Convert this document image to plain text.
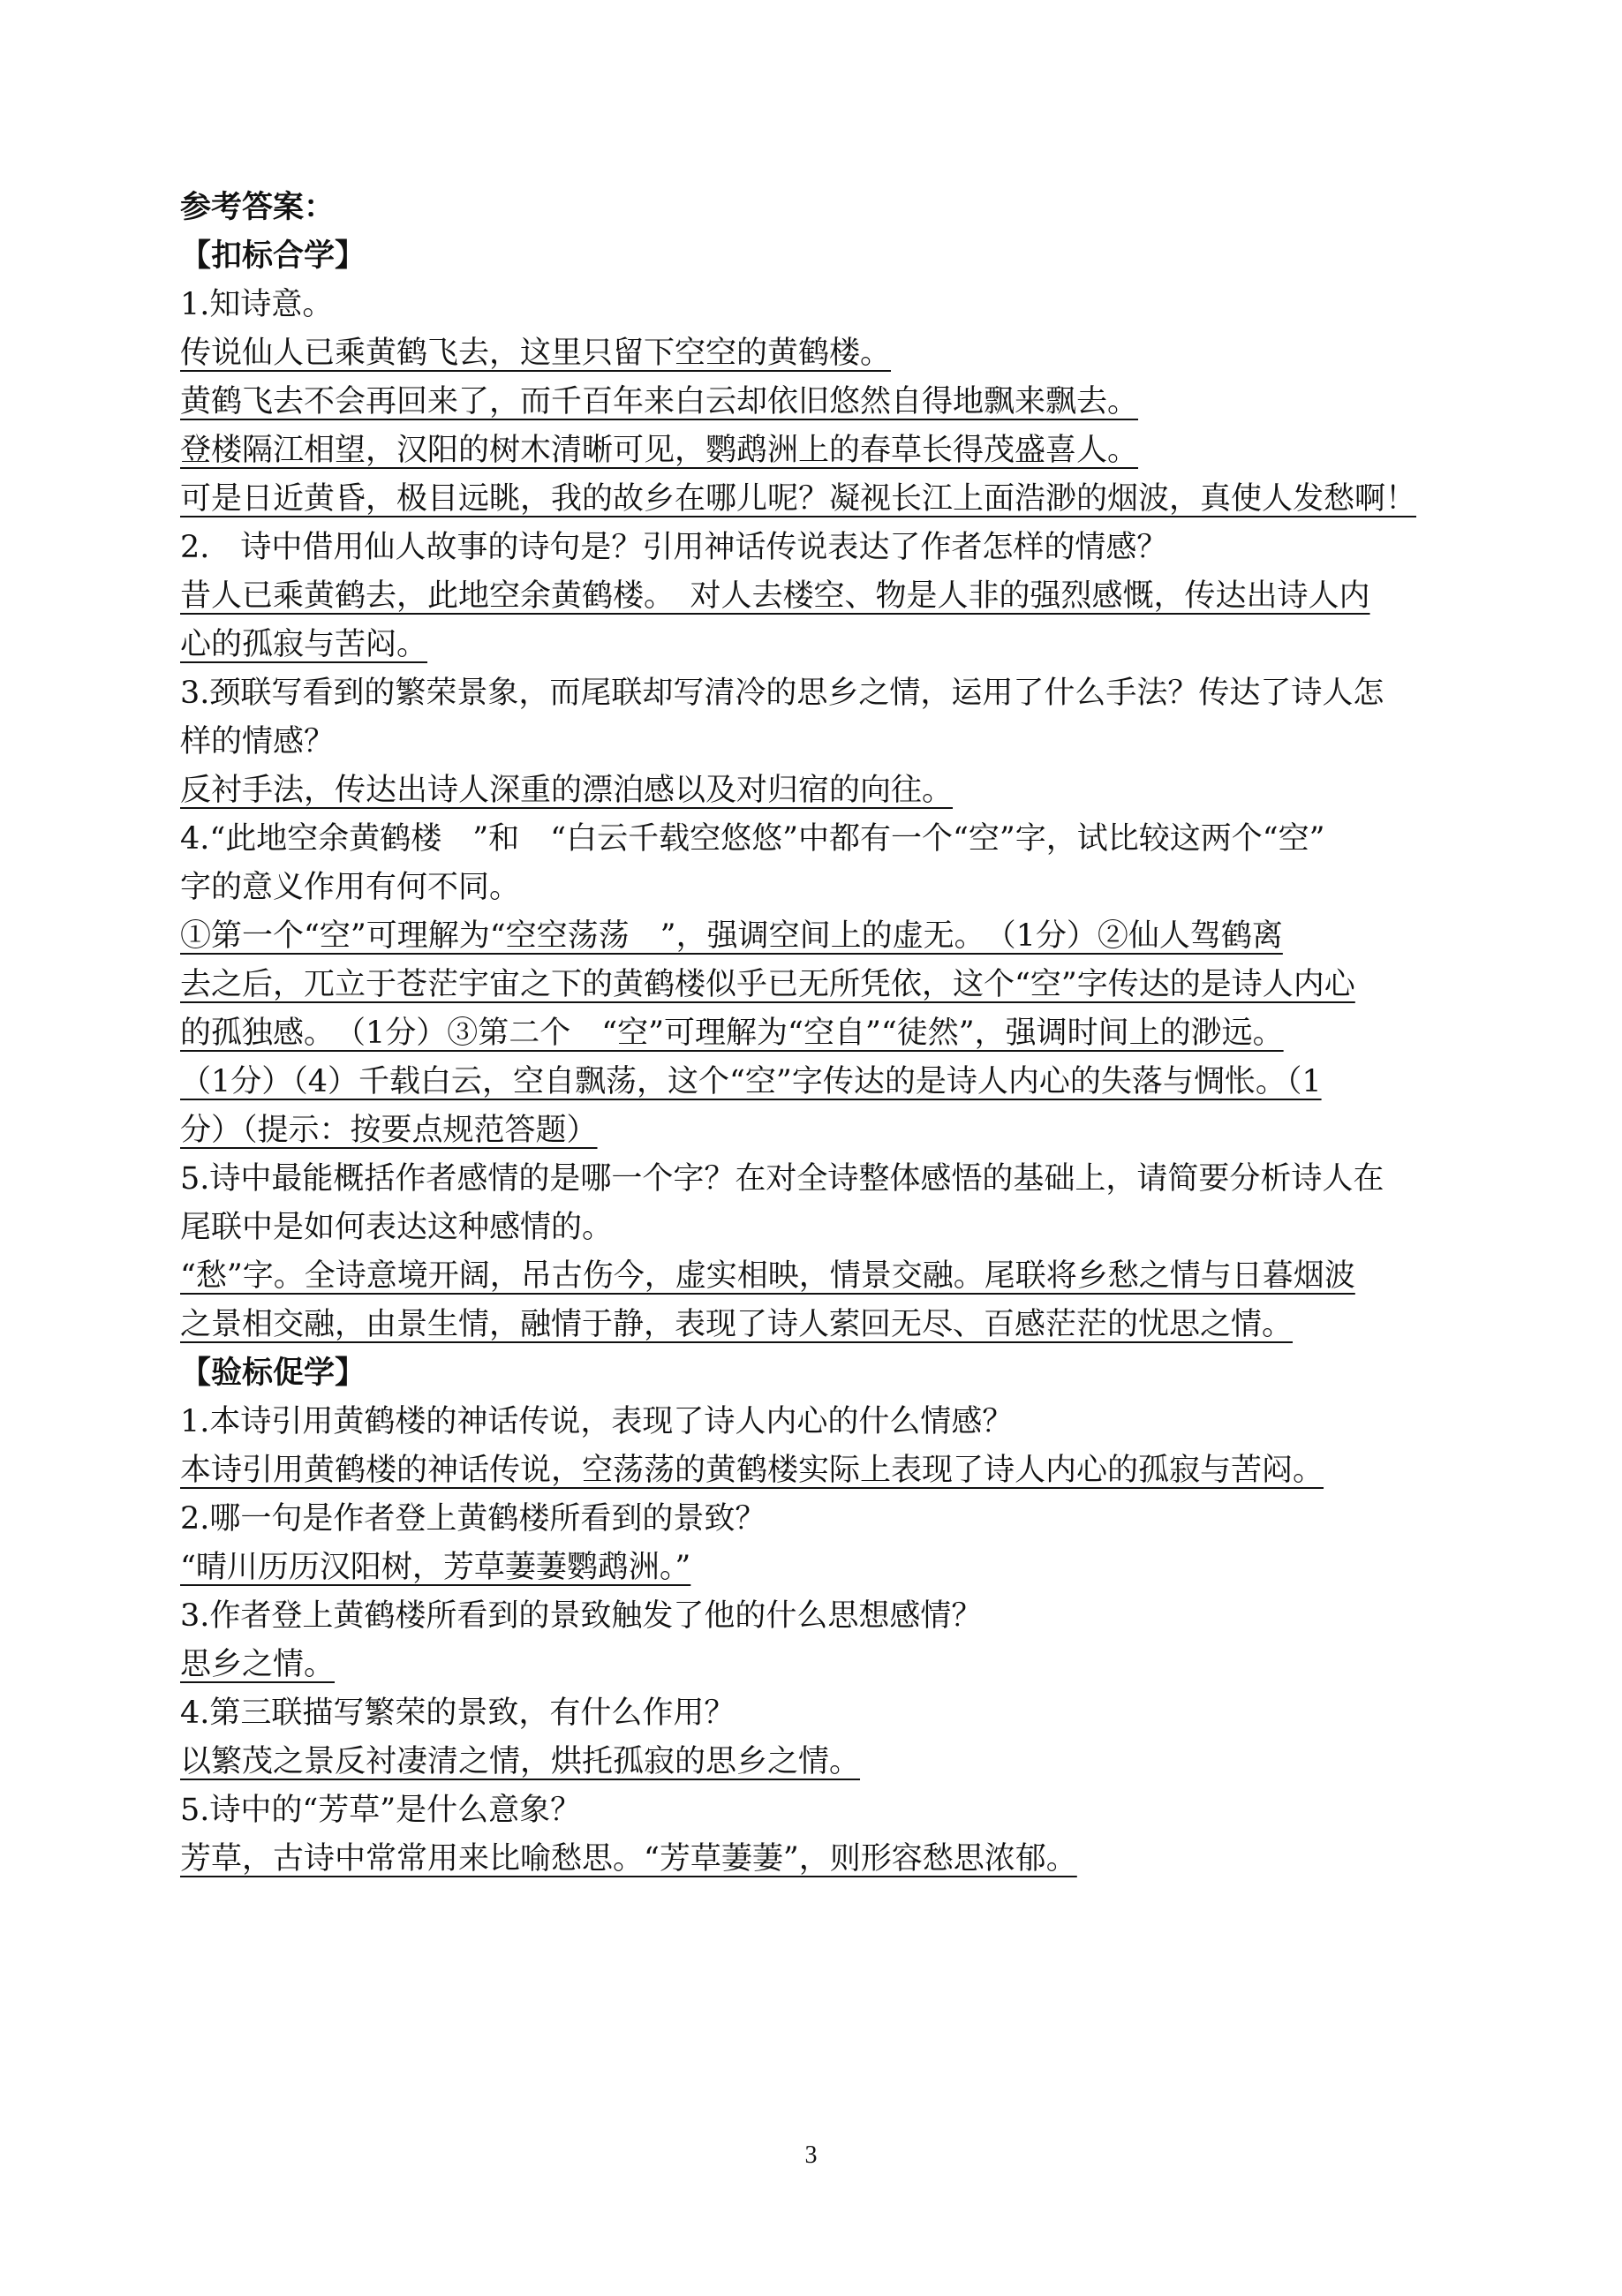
参考答案：
【扣标合学】
1.知诗意。
传说仙人已乘黄鹤飞去，这里只留下空空的黄鹤楼。
黄鹤飞去不会再回来了，而千百年来白云却依旧悠然自得地飘来飘去。
登楼隔江相望，汉阳的树木清晰可见，鹦鹉洲上的春草长得茂盛喜人。
可是日近黄昏，极目远眺，我的故乡在哪儿呢？凝视长江上面浩渺的烟波，真使人发愁啊！
2.　诗中借用仙人故事的诗句是？引用神话传说表达了作者怎样的情感？
昔人已乘黄鹤去，此地空余黄鹤楼。　对人去楼空、物是人非的强烈感慨，传达出诗人内
心的孤寂与苦闷。
3.颈联写看到的繁荣景象，而尾联却写清冷的思乡之情，运用了什么手法？传达了诗人怎
样的情感？
反衬手法，传达出诗人深重的漂泊感以及对归宿的向往。
4.“此地空余黄鹤楼　”和　“白云千载空悠悠”中都有一个“空”字，试比较这两个“空”
字的意义作用有何不同。
①第一个“空”可理解为“空空荡荡　”，强调空间上的虚无。　（1分）②仙人驾鹤离
去之后，兀立于苍茫宇宙之下的黄鹤楼似乎已无所凭依，这个“空”字传达的是诗人内心
的孤独感。　（1分）③第二个　“空”可理解为“空自”“徒然”，强调时间上的渺远。
（1分）（4）千载白云，空自飘荡，这个“空”字传达的是诗人内心的失落与惆怅。（1
分）（提示：按要点规范答题）
5.诗中最能概括作者感情的是哪一个字？在对全诗整体感悟的基础上，请简要分析诗人在
尾联中是如何表达这种感情的。
“愁”字。全诗意境开阔，吊古伤今，虚实相映，情景交融。尾联将乡愁之情与日暮烟波
之景相交融，由景生情，融情于静，表现了诗人萦回无尽、百感茫茫的忧思之情。
【验标促学】
1.本诗引用黄鹤楼的神话传说，表现了诗人内心的什么情感？
本诗引用黄鹤楼的神话传说，空荡荡的黄鹤楼实际上表现了诗人内心的孤寂与苦闷。
2.哪一句是作者登上黄鹤楼所看到的景致？
“晴川历历汉阳树，芳草萋萋鹦鹉洲。”
3.作者登上黄鹤楼所看到的景致触发了他的什么思想感情？
思乡之情。
4.第三联描写繁荣的景致，有什么作用？
以繁茂之景反衬凄清之情，烘托孤寂的思乡之情。
5.诗中的“芳草”是什么意象？
芳草，古诗中常常用来比喻愁思。“芳草萋萋”，则形容愁思浓郁。
3
